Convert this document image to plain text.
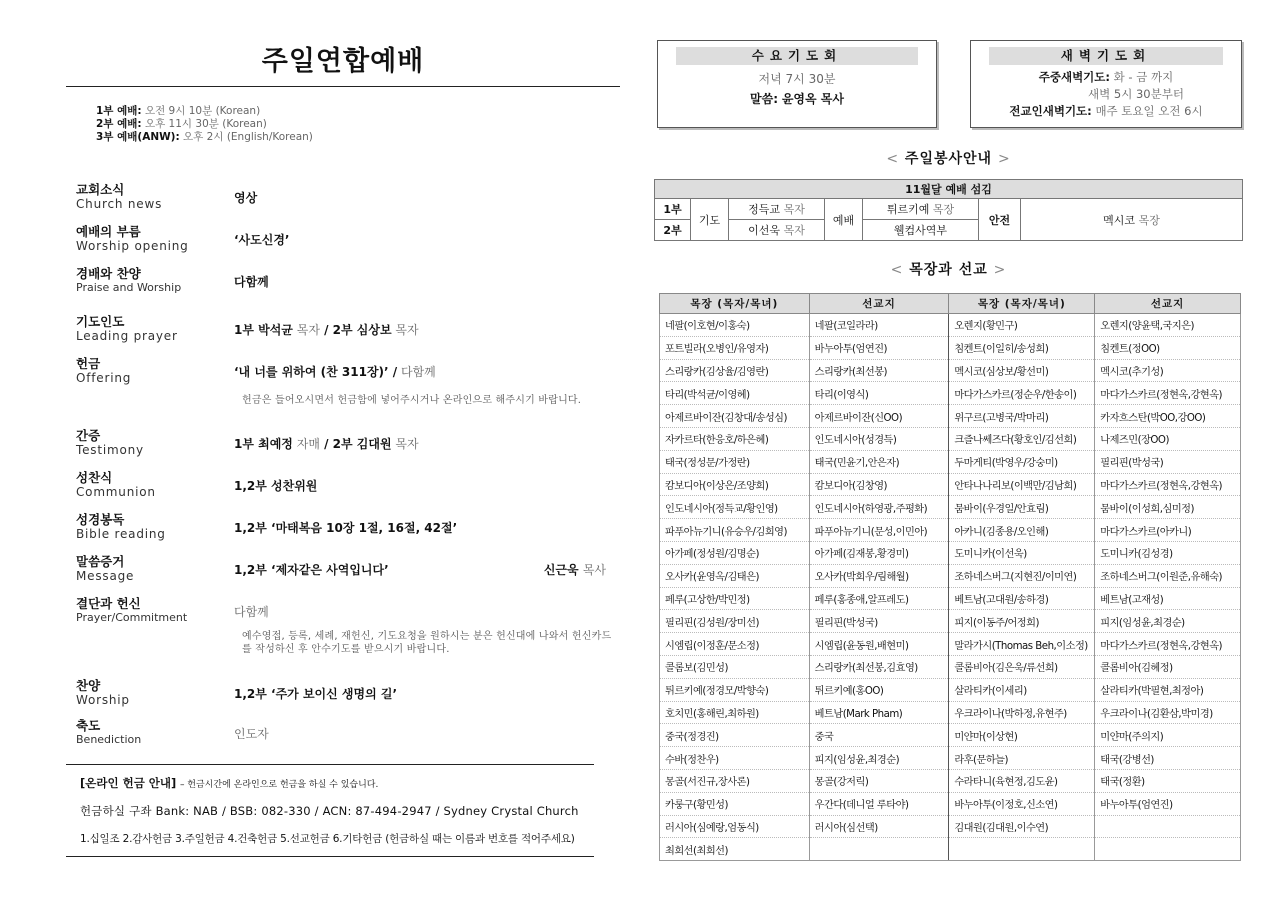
주일연합예배
1부 예배: 오전 9시 10분 (Korean)
2부 예배: 오후 11시 30분 (Korean)
3부 예배(ANW): 오후 2시 (English/Korean)
교회소식
Church news	영상
예배의 부름
Worship opening	‘사도신경’
경배와 찬양
Praise and Worship	다함께
기도인도
Leading prayer	1부 박석균 목자 / 2부 심상보 목자
헌금
Offering	‘내 너를 위하여 (찬 311장)’ / 다함께
헌금은 들어오시면서 헌금함에 넣어주시거나 온라인으로 해주시기 바랍니다.
간증
Testimony	1부 최예정 자매 / 2부 김대원 목자
성찬식
Communion	1,2부 성찬위원
성경봉독
Bible reading	1,2부 ‘마태복음 10장 1절, 16절, 42절’
말씀증거
Message	1,2부 ‘제자같은 사역입니다’	신근욱 목사
결단과 헌신
Prayer/Commitment	다함께
예수영접, 등록, 세례, 재헌신, 기도요청을 원하시는 분은 헌신대에 나와서 헌신카드를 작성하신 후 안수기도를 받으시기 바랍니다.
찬양
Worship	1,2부 ‘주가 보이신 생명의 길’
축도
Benediction	인도자
[온라인 헌금 안내] – 헌금시간에 온라인으로 헌금을 하실 수 있습니다.
헌금하실 구좌 Bank: NAB / BSB: 082-330 / ACN: 87-494-2947 / Sydney Crystal Church
1.십일조 2.감사헌금 3.주일헌금 4.건축헌금 5.선교헌금 6.기타헌금 (헌금하실 때는 이름과 번호를 적어주세요)
수요기도회
저녁 7시 30분
말씀: 윤영옥 목사
새벽기도회
주중새벽기도: 화 - 금 까지
새벽 5시 30분부터
전교인새벽기도: 매주 토요일 오전 6시
< 주일봉사안내 >
11월달 예배 섬김						
1부	기도	정득교 목자	예배	튀르키예 목장	안전	멕시코 목장
2부		이선욱 목자		웰컴사역부		
< 목장과 선교 >
목장 (목자/목녀)	선교지	목장 (목자/목녀)	선교지
네팔(이호현/이홍숙)	네팔(코일라라)	오렌지(황민구)	오렌지(양윤택,국지은)
포트빌라(오병인/유영자)	바누아투(엄연진)	침켄트(이일히/송성희)	침켄트(정OO)
스리랑카(김상율/김영란)	스리랑카(최선봉)	멕시코(심상보/황선미)	멕시코(추기성)
타리(박석균/이영혜)	타리(이영식)	마다가스카르(정순우/한송이)	마다가스카르(정현옥,강현옥)
아제르바이잔(김창대/송성심)	아제르바이잔(신OO)	위구르(고병국/박마리)	카자흐스탄(박OO,강OO)
자카르타(한응호/하은혜)	인도네시아(성경득)	크즐나쎄즈다(황호인/김선희)	나제즈민(장OO)
태국(정성문/가정란)	태국(민윤기,안은자)	두마게티(박영우/강숭미)	필리핀(박성국)
캄보디아(이상은/조양희)	캄보디아(김창영)	안타나나리보(이백만/김남희)	마다가스카르(정현옥,강현옥)
인도네시아(정득교/황인영)	인도네시아(하영광,주평화)	뭄바이(우경일/안효림)	뭄바이(이성희,심미정)
파푸아뉴기니(유승우/김희영)	파푸아뉴기니(문성,이민아)	아카니(김종용/오인해)	마다가스카르(아카니)
아가페(정성원/김명순)	아가페(김재봉,황경미)	도미니카(이선욱)	도미니카(김성경)
오사카(윤영옥/김태은)	오사카(박희우/림해월)	조하네스버그(지현진/이미연)	조하네스버그(이원준,유해숙)
페루(고상한/박민정)	페루(홍종애,알프레도)	베트남(고대원/송하경)	베트남(고재성)
필리핀(김성원/장미선)	필리핀(박성국)	피지(이동주/어정희)	피지(임성윤,최경순)
시엠립(이정훈/문소정)	시엠립(윤동원,배현미)	말라가시(Thomas Beh,이소정)	마다가스카르(정현옥,강현옥)
콜롬보(김민성)	스리랑카(최선봉,김효영)	콜롬비아(김은욱/류선희)	콜롬비아(김혜정)
튀르키예(정경모/박향숙)	튀르키예(홍OO)	살라티카(이세리)	살라티카(박필현,최정아)
호치민(홍해린,최하원)	베트남(Mark Pham)	우크라이나(박하정,유현주)	우크라이나(김환삼,박미경)
중국(정경진)	중국	미얀마(이상현)	미얀마(주의지)
수바(정찬우)	피지(임성윤,최경순)	라후(문하늘)	태국(강병선)
몽골(서진규,장사론)	몽골(강저릭)	수라타니(육현정,김도윤)	태국(정환)
카룽구(황민성)	우간다(데니얼 루타야)	바누아투(이정호,신소연)	바누아투(엄연진)
러시아(심예랑,엄동식)	러시아(심선택)	김대원(김대원,이수연)	
최희선(최희선)			
